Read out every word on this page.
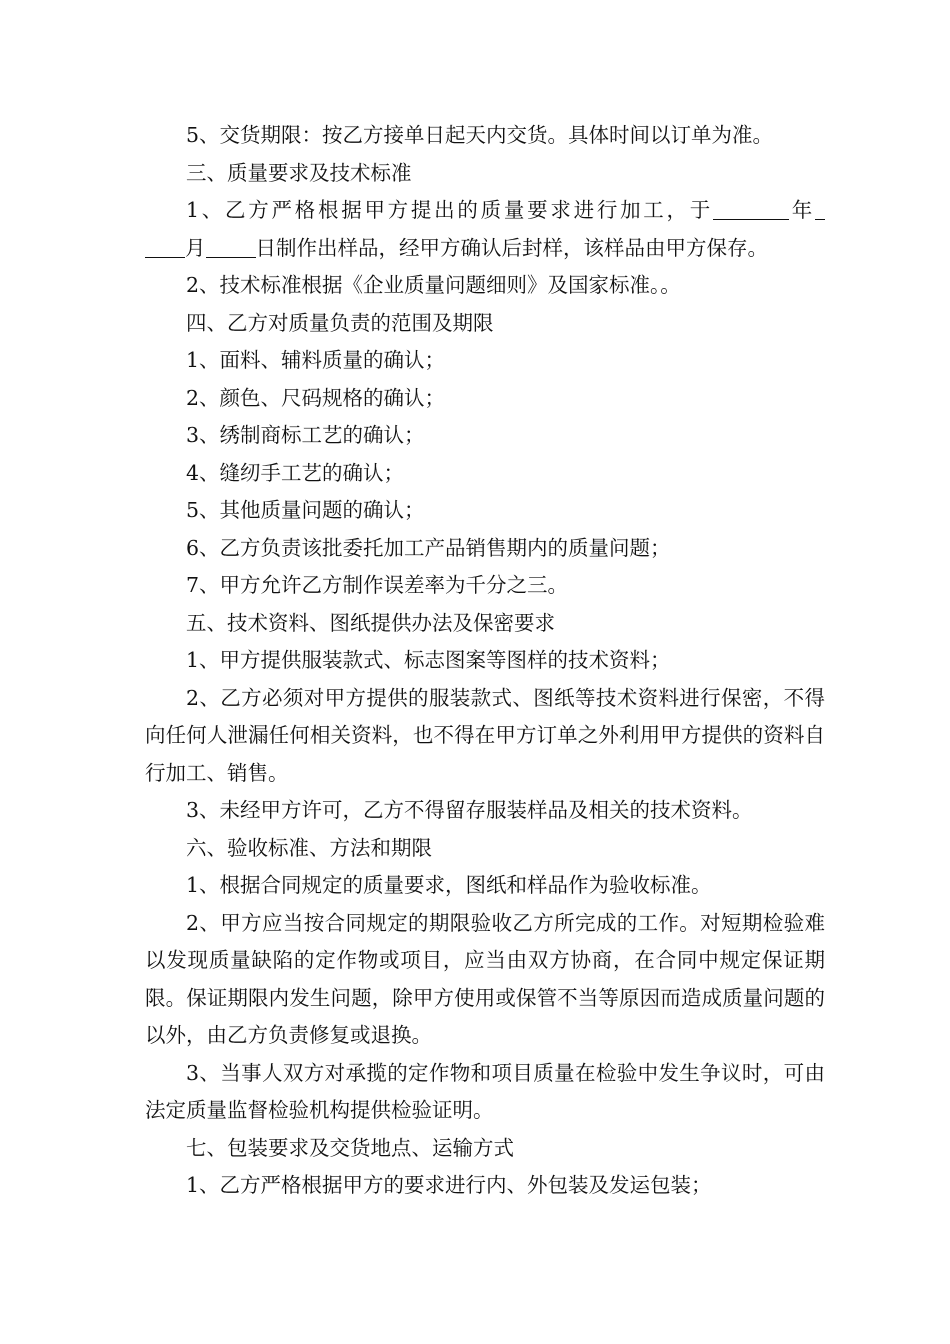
5、交货期限：按乙方接单日起天内交货。具体时间以订单为准。

三、质量要求及技术标准

1、乙方严格根据甲方提出的质量要求进行加工，于	年 月 日制作出样品，经甲方确认后封样，该样品由甲方保存。

2、技术标准根据《企业质量问题细则》及国家标准。。

四、乙方对质量负责的范围及期限

1、面料、辅料质量的确认；

2、颜色、尺码规格的确认；

3、绣制商标工艺的确认；

4、缝纫手工艺的确认；

5、其他质量问题的确认；

6、乙方负责该批委托加工产品销售期内的质量问题；

7、甲方允许乙方制作误差率为千分之三。

五、技术资料、图纸提供办法及保密要求

1、甲方提供服装款式、标志图案等图样的技术资料；

2、乙方必须对甲方提供的服装款式、图纸等技术资料进行保密，不得向任何人泄漏任何相关资料，也不得在甲方订单之外利用甲方提供的资料自行加工、销售。

3、未经甲方许可，乙方不得留存服装样品及相关的技术资料。

六、验收标准、方法和期限

1、根据合同规定的质量要求，图纸和样品作为验收标准。

2、甲方应当按合同规定的期限验收乙方所完成的工作。对短期检验难以发现质量缺陷的定作物或项目，应当由双方协商，在合同中规定保证期限。保证期限内发生问题，除甲方使用或保管不当等原因而造成质量问题的以外，由乙方负责修复或退换。

3、当事人双方对承揽的定作物和项目质量在检验中发生争议时，可由法定质量监督检验机构提供检验证明。

七、包装要求及交货地点、运输方式

1、乙方严格根据甲方的要求进行内、外包装及发运包装；
